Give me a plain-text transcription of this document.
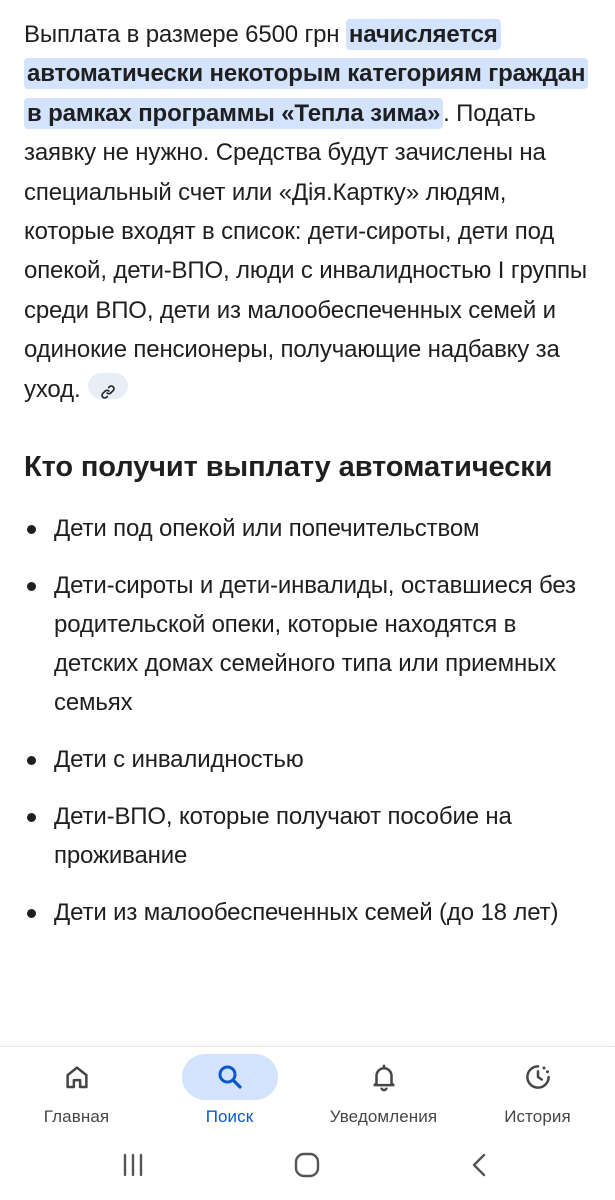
Выплата в размере 6500 грн начисляется автоматически некоторым категориям граждан в рамках программы «Тепла зима» . Подать заявку не нужно. Средства будут зачислены на специальный счет или «Дія.Картку» людям, которые входят в список: дети-сироты, дети под опекой, дети-ВПО, люди с инвалидностью I группы среди ВПО, дети из малообеспеченных семей и одинокие пенсионеры, получающие надбавку за уход.

Кто получит выплату автоматически
Дети под опекой или попечительством
Дети-сироты и дети-инвалиды, оставшиеся без родительской опеки, которые находятся в детских домах семейного типа или приемных семьях
Дети с инвалидностью
Дети-ВПО, которые получают пособие на проживание
Дети из малообеспеченных семей (до 18 лет)
Главная	Поиск	Уведомления	История
